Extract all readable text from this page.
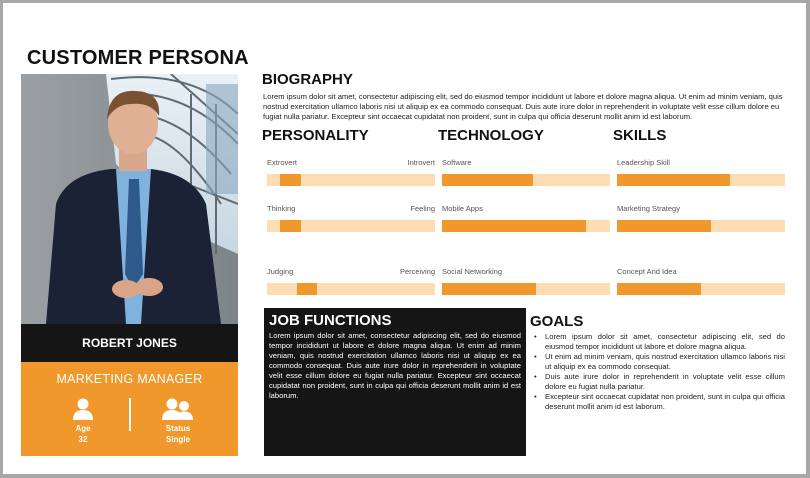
CUSTOMER PERSONA
ROBERT JONES
MARKETING MANAGER
Age
32
Status
Single
BIOGRAPHY
Lorem ipsum dolor sit amet, consectetur adipiscing elit, sed do eiusmod tempor incididunt ut labore et dolore magna aliqua. Ut enim ad minim veniam, quis nostrud exercitation ullamco laboris nisi ut aliquip ex ea commodo consequat. Duis aute irure dolor in reprehenderit in voluptate velit esse cillum dolore eu fugiat nulla pariatur. Excepteur sint occaecat cupidatat non proident, sunt in culpa qui officia deserunt mollit anim id est laborum.
PERSONALITY	TECHNOLOGY	SKILLS
Extrovert	Introvert
Thinking	Feeling
Judging	Perceiving
Software
Mobile Apps
Social Networking
Leadership Skill
Marketing Strategy
Concept And Idea
JOB FUNCTIONS
Lorem ipsum dolor sit amet, consectetur adipiscing elit, sed do eiusmod tempor incididunt ut labore et dolore magna aliqua. Ut enim ad minim veniam, quis nostrud exercitation ullamco laboris nisi ut aliquip ex ea commodo consequat. Duis aute irure dolor in reprehenderit in voluptate velit esse cillum dolore eu fugiat nulla pariatur. Excepteur sint occaecat cupidatat non proident, sunt in culpa qui officia deserunt mollit anim id est laborum.
GOALS
• Lorem ipsum dolor sit amet, consectetur adipiscing elit, sed do eiusmod tempor incididunt ut labore et dolore magna aliqua.
• Ut enim ad minim veniam, quis nostrud exercitation ullamco laboris nisi ut aliquip ex ea commodo consequat.
• Duis aute irure dolor in reprehenderit in voluptate velit esse cillum dolore eu fugiat nulla pariatur.
• Excepteur sint occaecat cupidatat non proident, sunt in culpa qui officia deserunt mollit anim id est laborum.
